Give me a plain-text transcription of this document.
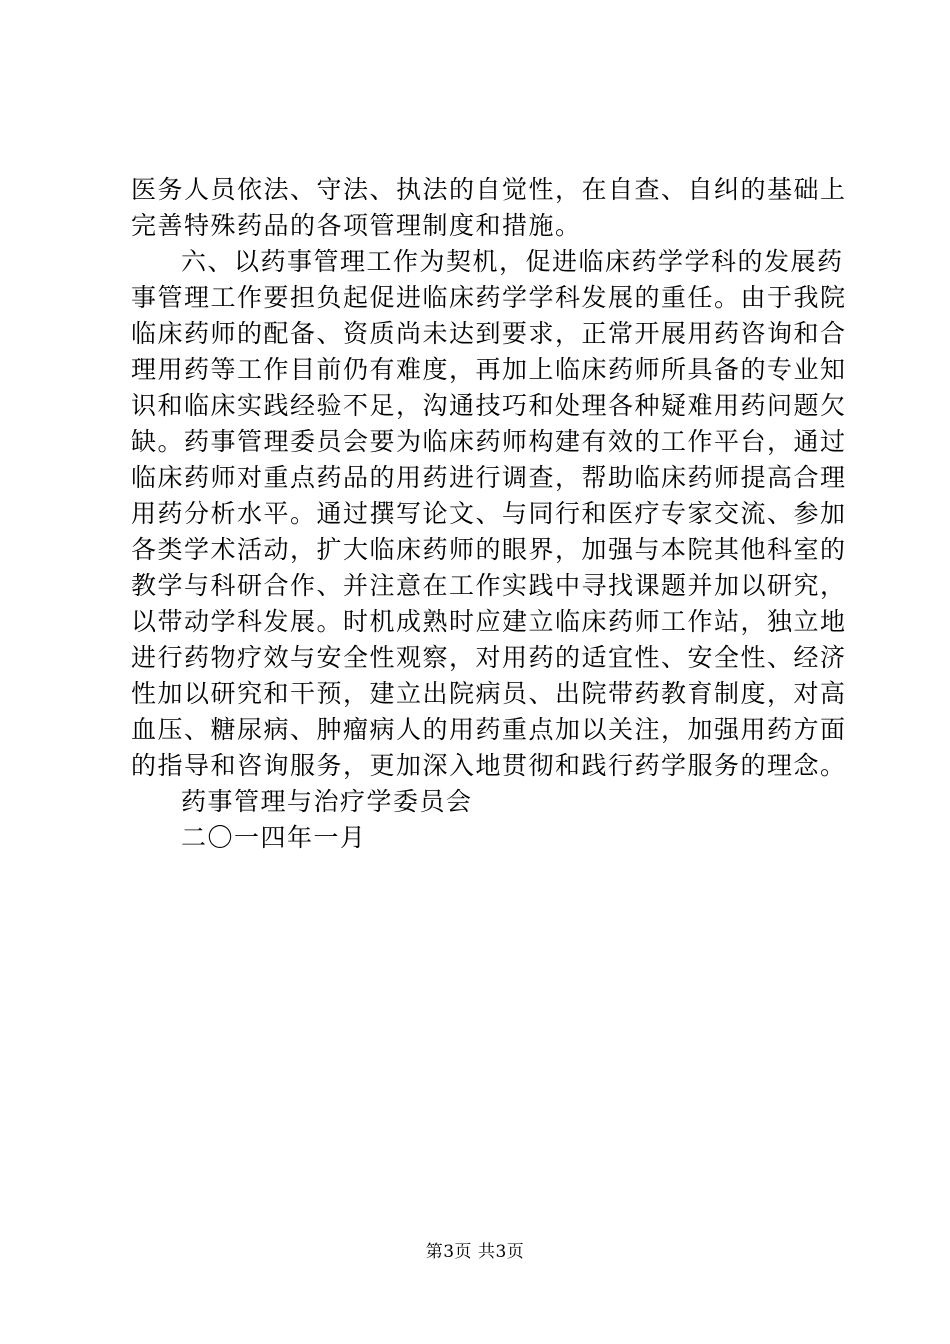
医务人员依法、守法、执法的自觉性，在自查、自纠的基础上
完善特殊药品的各项管理制度和措施。
六、以药事管理工作为契机，促进临床药学学科的发展药
事管理工作要担负起促进临床药学学科发展的重任。由于我院
临床药师的配备、资质尚未达到要求，正常开展用药咨询和合
理用药等工作目前仍有难度，再加上临床药师所具备的专业知
识和临床实践经验不足，沟通技巧和处理各种疑难用药问题欠
缺。药事管理委员会要为临床药师构建有效的工作平台，通过
临床药师对重点药品的用药进行调查，帮助临床药师提高合理
用药分析水平。通过撰写论文、与同行和医疗专家交流、参加
各类学术活动，扩大临床药师的眼界，加强与本院其他科室的
教学与科研合作、并注意在工作实践中寻找课题并加以研究，
以带动学科发展。时机成熟时应建立临床药师工作站，独立地
进行药物疗效与安全性观察，对用药的适宜性、安全性、经济
性加以研究和干预，建立出院病员、出院带药教育制度，对高
血压、糖尿病、肿瘤病人的用药重点加以关注，加强用药方面
的指导和咨询服务，更加深入地贯彻和践行药学服务的理念。
药事管理与治疗学委员会
二〇一四年一月
第3页 共3页
